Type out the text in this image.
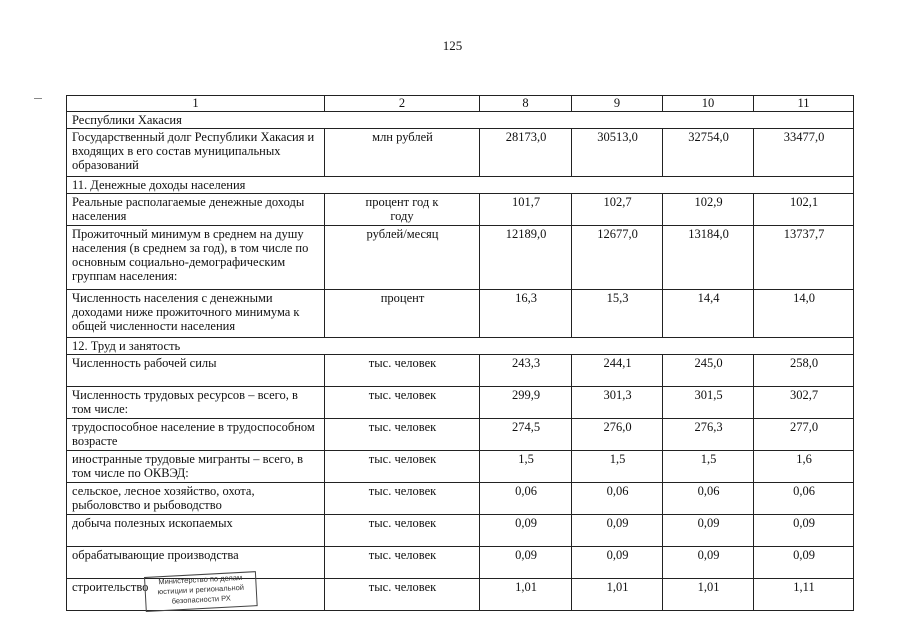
125
1	2	8	9	10	11
Республики Хакасия					
Государственный долг Республики Хакасия и входящих в его состав муниципальных образований	млн рублей	28173,0	30513,0	32754,0	33477,0
11. Денежные доходы населения					
Реальные располагаемые денежные доходы населения	процент год к году	101,7	102,7	102,9	102,1
Прожиточный минимум в среднем на душу населения (в среднем за год), в том числе по основным социально-демографическим группам населения:	рублей/месяц	12189,0	12677,0	13184,0	13737,7
Численность населения с денежными доходами ниже прожиточного минимума к общей численности населения	процент	16,3	15,3	14,4	14,0
12. Труд и занятость					
Численность рабочей силы	тыс. человек	243,3	244,1	245,0	258,0
Численность трудовых ресурсов – всего, в том числе:	тыс. человек	299,9	301,3	301,5	302,7
трудоспособное население в трудоспособном возрасте	тыс. человек	274,5	276,0	276,3	277,0
иностранные трудовые мигранты – всего, в том числе по ОКВЭД:	тыс. человек	1,5	1,5	1,5	1,6
сельское, лесное хозяйство, охота, рыболовство и рыбоводство	тыс. человек	0,06	0,06	0,06	0,06
добыча полезных ископаемых	тыс. человек	0,09	0,09	0,09	0,09
обрабатывающие производства	тыс. человек	0,09	0,09	0,09	0,09
строительство	тыс. человек	1,01	1,01	1,01	1,11
Министерство по делам
юстиции и региональной
безопасности РХ
